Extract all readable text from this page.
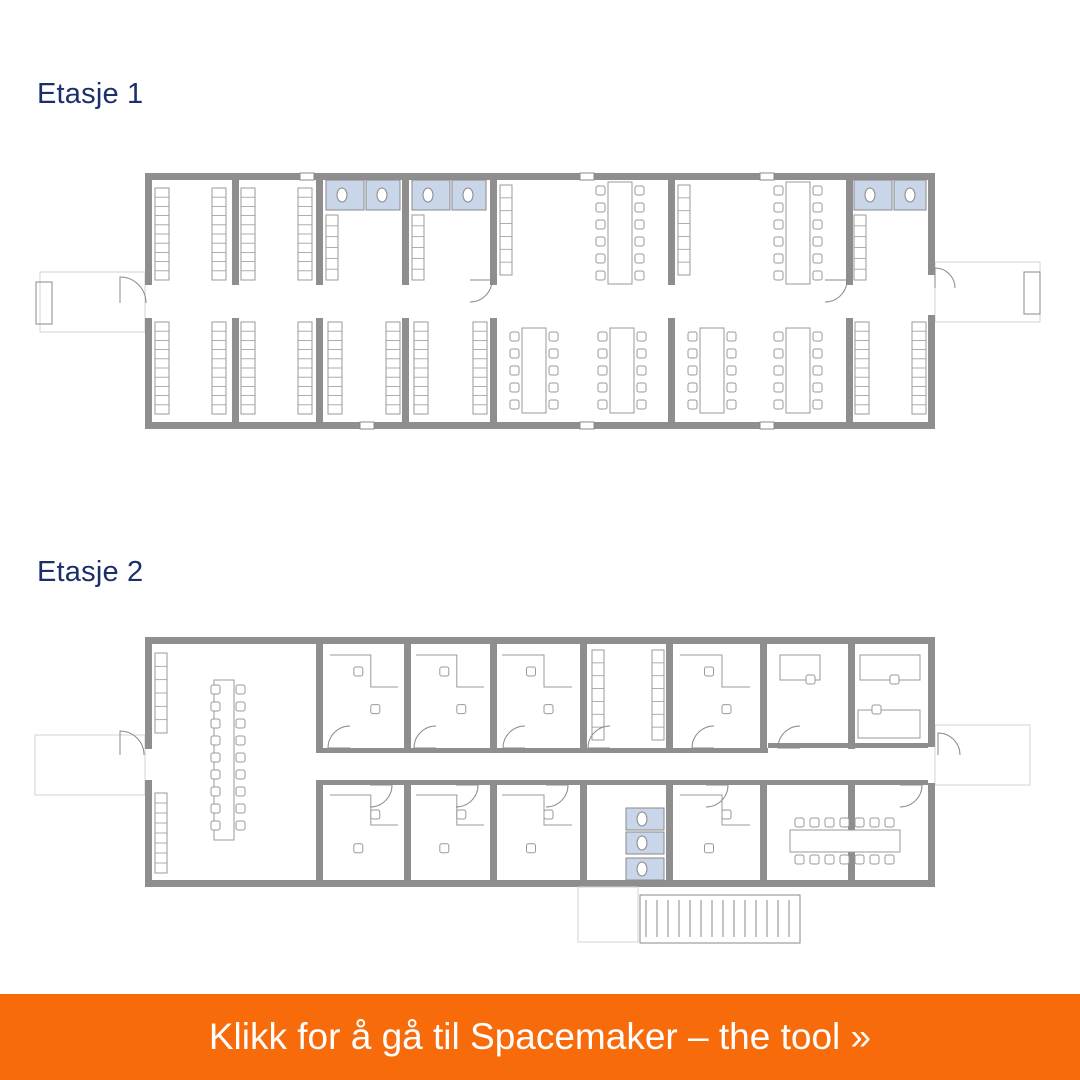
Etasje 1
Etasje 2
Klikk for å gå til Spacemaker – the tool »
